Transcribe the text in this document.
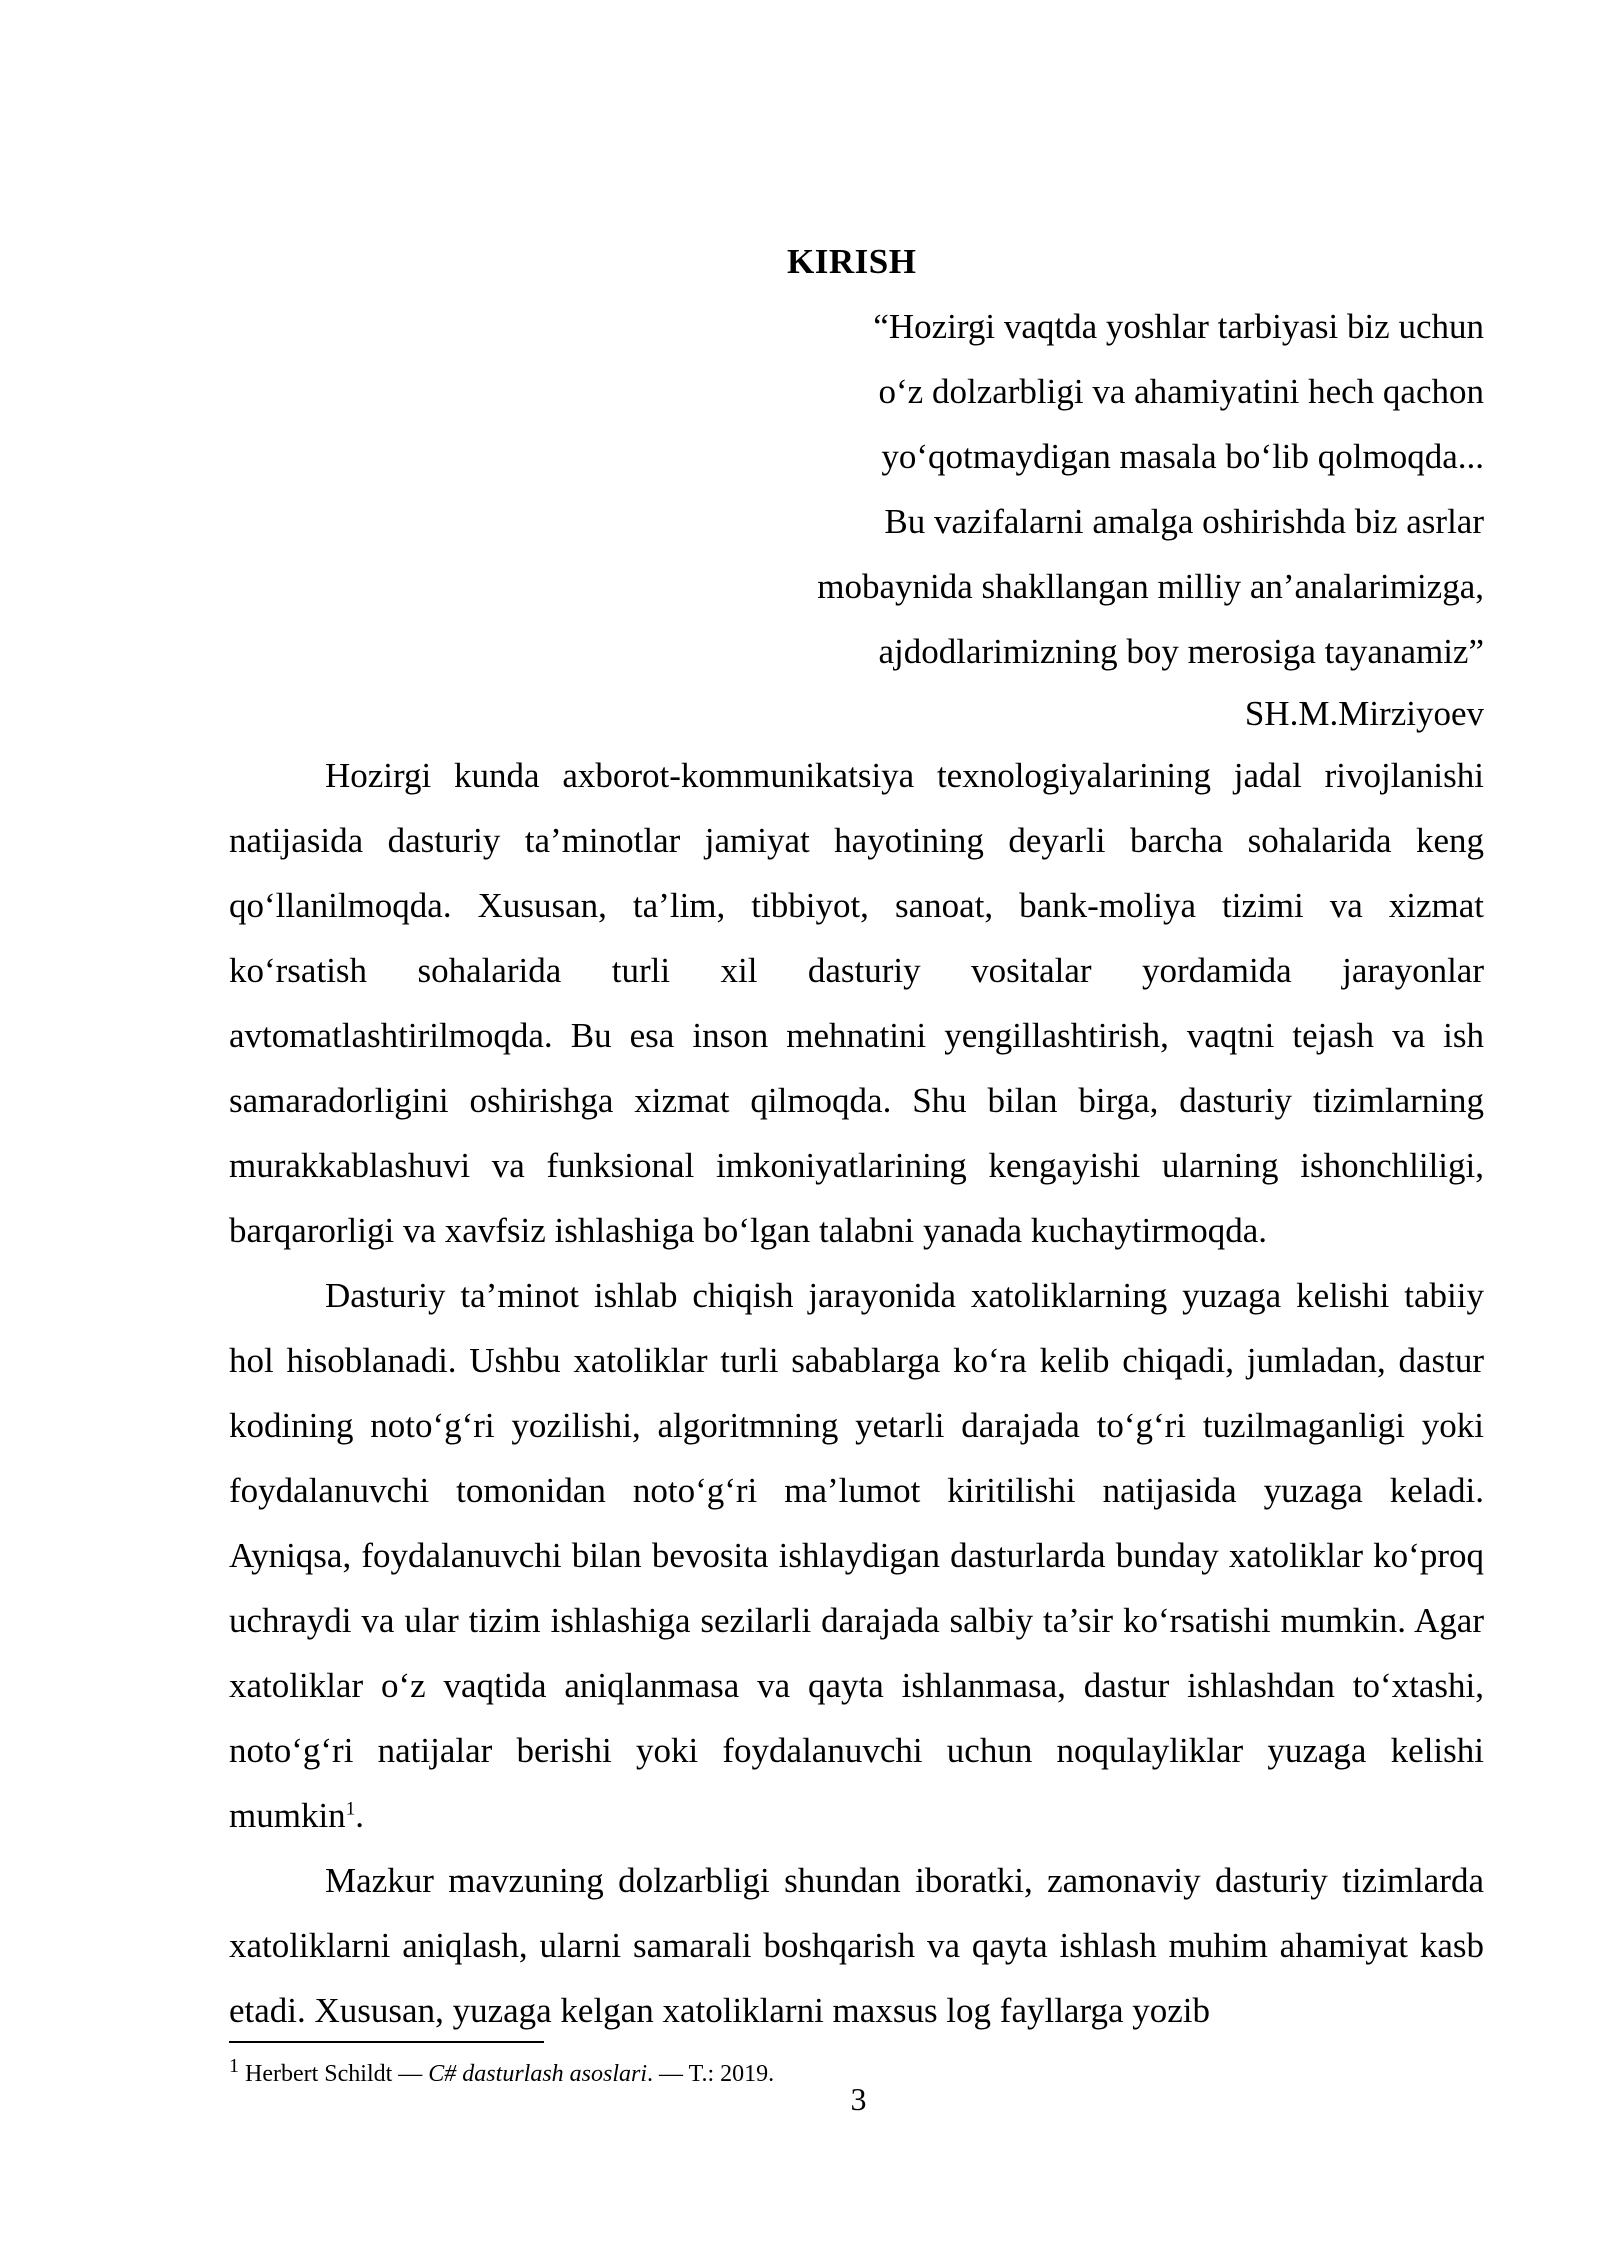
KIRISH
“Hozirgi vaqtda yoshlar tarbiyasi biz uchun
o‘z dolzarbligi va ahamiyatini hech qachon
yo‘qotmaydigan masala bo‘lib qolmoqda...
Bu vazifalarni amalga oshirishda biz asrlar
mobaynida shakllangan milliy an’analarimizga,
ajdodlarimizning boy merosiga tayanamiz”
SH.M.Mirziyoev

Hozirgi kunda axborot-kommunikatsiya texnologiyalarining jadal rivojlanishi natijasida dasturiy ta’minotlar jamiyat hayotining deyarli barcha sohalarida keng qo‘llanilmoqda. Xususan, ta’lim, tibbiyot, sanoat, bank-moliya tizimi va xizmat ko‘rsatish sohalarida turli xil dasturiy vositalar yordamida jarayonlar avtomatlashtirilmoqda. Bu esa inson mehnatini yengillashtirish, vaqtni tejash va ish samaradorligini oshirishga xizmat qilmoqda. Shu bilan birga, dasturiy tizimlarning murakkablashuvi va funksional imkoniyatlarining kengayishi ularning ishonchliligi, barqarorligi va xavfsiz ishlashiga bo‘lgan talabni yanada kuchaytirmoqda.

Dasturiy ta’minot ishlab chiqish jarayonida xatoliklarning yuzaga kelishi tabiiy hol hisoblanadi. Ushbu xatoliklar turli sabablarga ko‘ra kelib chiqadi, jumladan, dastur kodining noto‘g‘ri yozilishi, algoritmning yetarli darajada to‘g‘ri tuzilmaganligi yoki foydalanuvchi tomonidan noto‘g‘ri ma’lumot kiritilishi natijasida yuzaga keladi. Ayniqsa, foydalanuvchi bilan bevosita ishlaydigan dasturlarda bunday xatoliklar ko‘proq uchraydi va ular tizim ishlashiga sezilarli darajada salbiy ta’sir ko‘rsatishi mumkin. Agar xatoliklar o‘z vaqtida aniqlanmasa va qayta ishlanmasa, dastur ishlashdan to‘xtashi, noto‘g‘ri natijalar berishi yoki foydalanuvchi uchun noqulayliklar yuzaga kelishi mumkin$^1$.

Mazkur mavzuning dolzarbligi shundan iboratki, zamonaviy dasturiy tizimlarda xatoliklarni aniqlash, ularni samarali boshqarish va qayta ishlash muhim ahamiyat kasb etadi. Xususan, yuzaga kelgan xatoliklarni maxsus log fayllarga yozib

$^1$ Herbert Schildt — C# dasturlash asoslari. — T.: 2019.
3
